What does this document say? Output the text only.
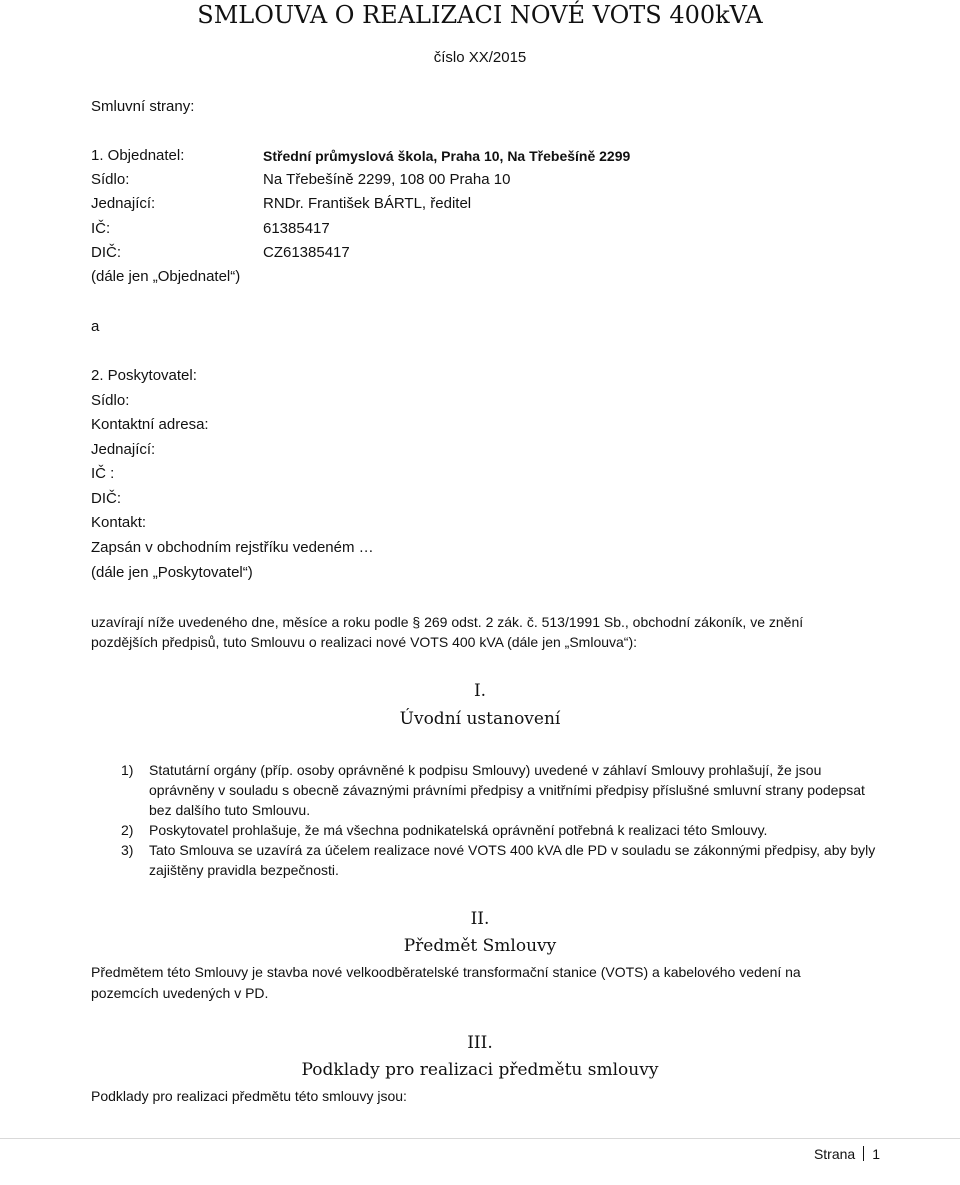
SMLOUVA O REALIZACI NOVÉ VOTS 400kVA
číslo XX/2015
Smluvní strany:
1. Objednatel:	Střední průmyslová škola, Praha 10, Na Třebešíně 2299
Sídlo:	Na Třebešíně 2299, 108 00 Praha 10
Jednající:	RNDr. František BÁRTL, ředitel
IČ:	61385417
DIČ:	CZ61385417
(dále jen „Objednatel“)
a
2. Poskytovatel:
Sídlo:
Kontaktní adresa:
Jednající:
IČ :
DIČ:
Kontakt:
Zapsán v obchodním rejstříku vedeném …
(dále jen „Poskytovatel“)
uzavírají níže uvedeného dne, měsíce a roku podle § 269 odst. 2 zák. č. 513/1991 Sb., obchodní zákoník, ve znění
pozdějších předpisů, tuto Smlouvu o realizaci nové VOTS 400 kVA (dále jen „Smlouva“):
I.
Úvodní ustanovení
1) Statutární orgány (příp. osoby oprávněné k podpisu Smlouvy) uvedené v záhlaví Smlouvy prohlašují, že jsou oprávněny v souladu s obecně závaznými právními předpisy a vnitřními předpisy příslušné smluvní strany podepsat bez dalšího tuto Smlouvu.
2) Poskytovatel prohlašuje, že má všechna podnikatelská oprávnění potřebná k realizaci této Smlouvy.
3) Tato Smlouva se uzavírá za účelem realizace nové VOTS 400 kVA dle PD v souladu se zákonnými předpisy, aby byly zajištěny pravidla bezpečnosti.
II.
Předmět Smlouvy
Předmětem této Smlouvy je stavba nové velkoodběratelské transformační stanice (VOTS) a kabelového vedení na
pozemcích uvedených v PD.
III.
Podklady pro realizaci předmětu smlouvy
Podklady pro realizaci předmětu této smlouvy jsou:
Strana 1
